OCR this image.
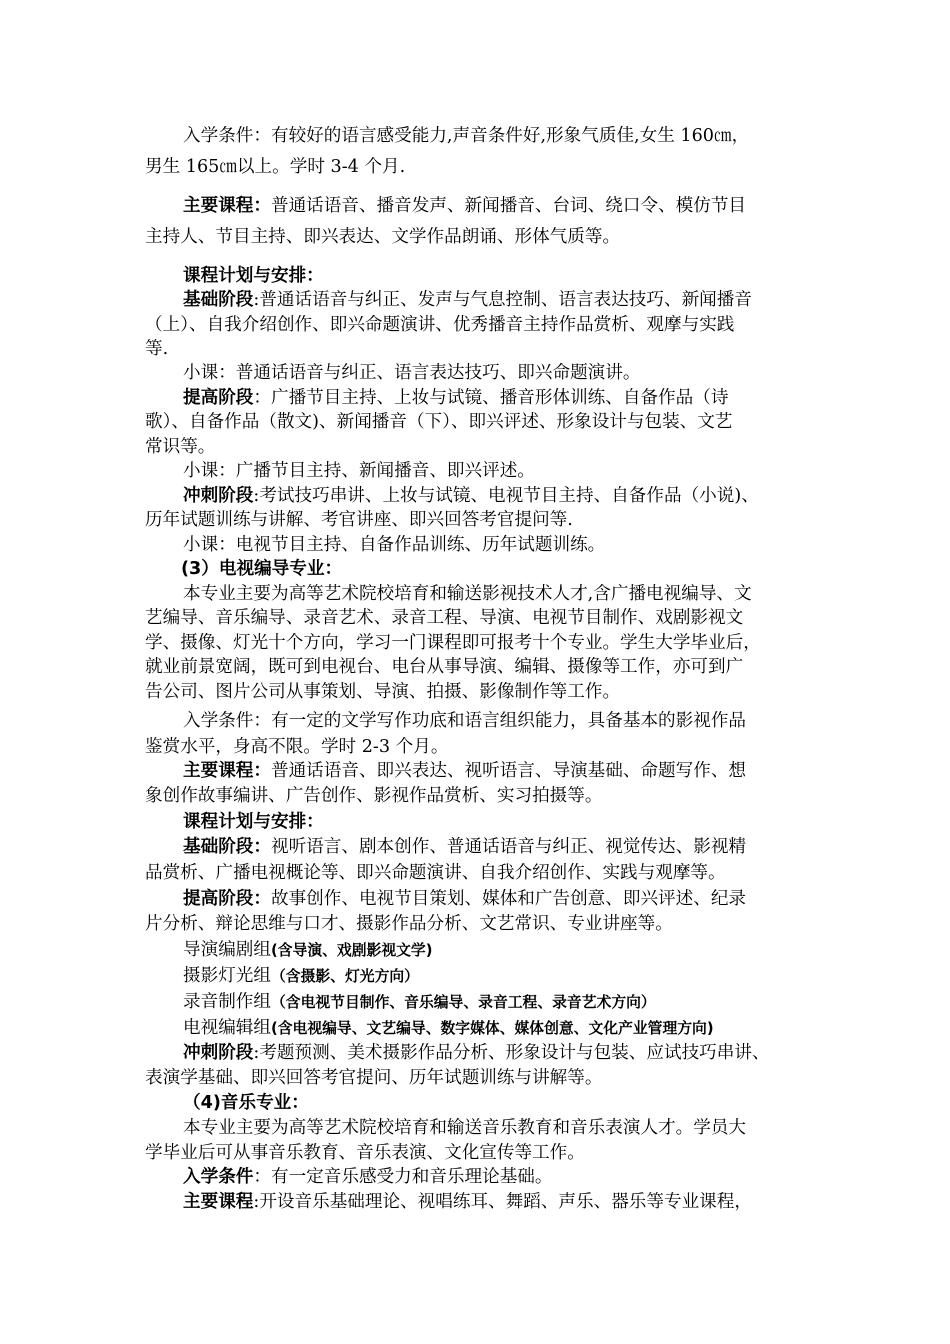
入学条件：有较好的语言感受能力,声音条件好,形象气质佳,女生 160㎝，
男生 165㎝以上。学时 3-4 个月.
主要课程：普通话语音、播音发声、新闻播音、台词、绕口令、模仿节目
主持人、节目主持、即兴表达、文学作品朗诵、形体气质等。
课程计划与安排：
基础阶段:普通话语音与纠正、发声与气息控制、语言表达技巧、新闻播音
（上）、自我介绍创作、即兴命题演讲、优秀播音主持作品赏析、观摩与实践
等.
小课：普通话语音与纠正、语言表达技巧、即兴命题演讲。
提高阶段：广播节目主持、上妆与试镜、播音形体训练、自备作品（诗
歌）、自备作品（散文)、新闻播音（下）、即兴评述、形象设计与包装、文艺
常识等。
小课：广播节目主持、新闻播音、即兴评述。
冲刺阶段:考试技巧串讲、上妆与试镜、电视节目主持、自备作品（小说)、
历年试题训练与讲解、考官讲座、即兴回答考官提问等.
小课：电视节目主持、自备作品训练、历年试题训练。
(3）电视编导专业：
本专业主要为高等艺术院校培育和输送影视技术人才,含广播电视编导、文
艺编导、音乐编导、录音艺术、录音工程、导演、电视节目制作、戏剧影视文
学、摄像、灯光十个方向，学习一门课程即可报考十个专业。学生大学毕业后，
就业前景宽阔，既可到电视台、电台从事导演、编辑、摄像等工作，亦可到广
告公司、图片公司从事策划、导演、拍摄、影像制作等工作。
入学条件：有一定的文学写作功底和语言组织能力，具备基本的影视作品
鉴赏水平，身高不限。学时 2-3 个月。
主要课程：普通话语音、即兴表达、视听语言、导演基础、命题写作、想
象创作故事编讲、广告创作、影视作品赏析、实习拍摄等。
课程计划与安排：
基础阶段：视听语言、剧本创作、普通话语音与纠正、视觉传达、影视精
品赏析、广播电视概论等、即兴命题演讲、自我介绍创作、实践与观摩等。
提高阶段：故事创作、电视节目策划、媒体和广告创意、即兴评述、纪录
片分析、辩论思维与口才、摄影作品分析、文艺常识、专业讲座等。
导演编剧组(含导演、戏剧影视文学)
摄影灯光组（含摄影、灯光方向）
录音制作组（含电视节目制作、音乐编导、录音工程、录音艺术方向）
电视编辑组(含电视编导、文艺编导、数字媒体、媒体创意、文化产业管理方向)
冲刺阶段:考题预测、美术摄影作品分析、形象设计与包装、应试技巧串讲、
表演学基础、即兴回答考官提问、历年试题训练与讲解等。
（4)音乐专业：
本专业主要为高等艺术院校培育和输送音乐教育和音乐表演人才。学员大
学毕业后可从事音乐教育、音乐表演、文化宣传等工作。
入学条件：有一定音乐感受力和音乐理论基础。
主要课程:开设音乐基础理论、视唱练耳、舞蹈、声乐、器乐等专业课程，
